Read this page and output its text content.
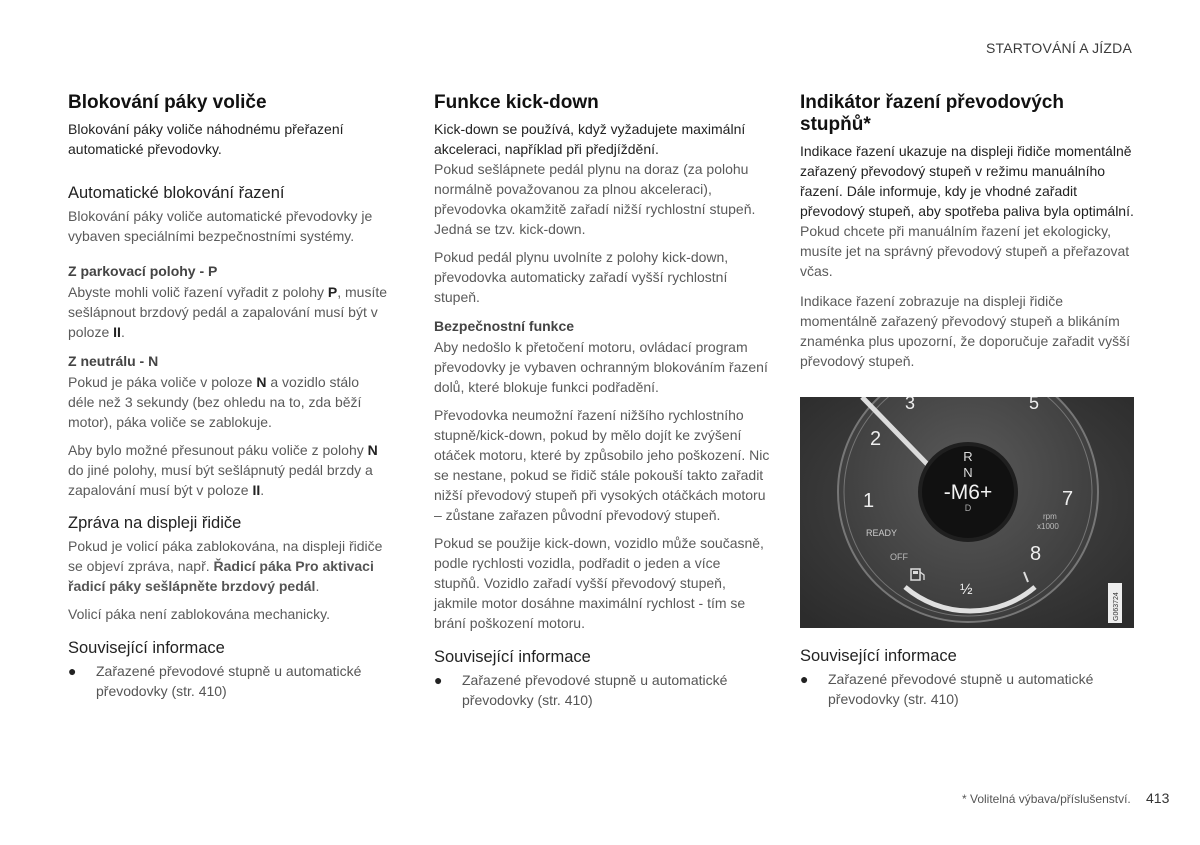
STARTOVÁNÍ A JÍZDA
Blokování páky voliče

Blokování páky voliče náhodnému přeřazení automatické převodovky.

Automatické blokování řazení

Blokování páky voliče automatické převodovky je vybaven speciálními bezpečnostními systémy.

Z parkovací polohy - P

Abyste mohli volič řazení vyřadit z polohy P, musíte sešlápnout brzdový pedál a zapalování musí být v poloze II.

Z neutrálu - N

Pokud je páka voliče v poloze N a vozidlo stálo déle než 3 sekundy (bez ohledu na to, zda běží motor), páka voliče se zablokuje.

Aby bylo možné přesunout páku voliče z polohy N do jiné polohy, musí být sešlápnutý pedál brzdy a zapalování musí být v poloze II.

Zpráva na displeji řidiče

Pokud je volicí páka zablokována, na displeji řidiče se objeví zpráva, např. Řadicí páka Pro aktivaci řadicí páky sešlápněte brzdový pedál.

Volicí páka není zablokována mechanicky.

Související informace
●	Zařazené převodové stupně u automatické převodovky (str. 410)
Funkce kick-down

Kick-down se používá, když vyžadujete maximální akceleraci, například při předjíždění.

Pokud sešlápnete pedál plynu na doraz (za polohu normálně považovanou za plnou akceleraci), převodovka okamžitě zařadí nižší rychlostní stupeň. Jedná se tzv. kick-down.

Pokud pedál plynu uvolníte z polohy kick-down, převodovka automaticky zařadí vyšší rychlostní stupeň.

Bezpečnostní funkce

Aby nedošlo k přetočení motoru, ovládací program převodovky je vybaven ochranným blokováním řazení dolů, které blokuje funkci podřadění.

Převodovka neumožní řazení nižšího rychlostního stupně/kick-down, pokud by mělo dojít ke zvýšení otáček motoru, které by způsobilo jeho poškození. Nic se nestane, pokud se řidič stále pokouší takto zařadit nižší převodový stupeň při vysokých otáčkách motoru – zůstane zařazen původní převodový stupeň.

Pokud se použije kick-down, vozidlo může současně, podle rychlosti vozidla, podřadit o jeden a více stupňů. Vozidlo zařadí vyšší převodový stupeň, jakmile motor dosáhne maximální rychlost - tím se brání poškození motoru.

Související informace
●	Zařazené převodové stupně u automatické převodovky (str. 410)
Indikátor řazení převodových stupňů*

Indikace řazení ukazuje na displeji řidiče momentálně zařazený převodový stupeň v režimu manuálního řazení. Dále informuje, kdy je vhodné zařadit převodový stupeň, aby spotřeba paliva byla optimální.

Pokud chcete při manuálním řazení jet ekologicky, musíte jet na správný převodový stupeň a přeřazovat včas.

Indikace řazení zobrazuje na displeji řidiče momentálně zařazený převodový stupeň a blikáním znaménka plus upozorní, že doporučuje zařadit vyšší převodový stupeň.

3	5
2
1	7
8
½
R
N
-M6+
D
rpm
x1000
READY
OFF
G063724
Související informace
●	Zařazené převodové stupně u automatické převodovky (str. 410)
* Volitelná výbava/příslušenství. 413
